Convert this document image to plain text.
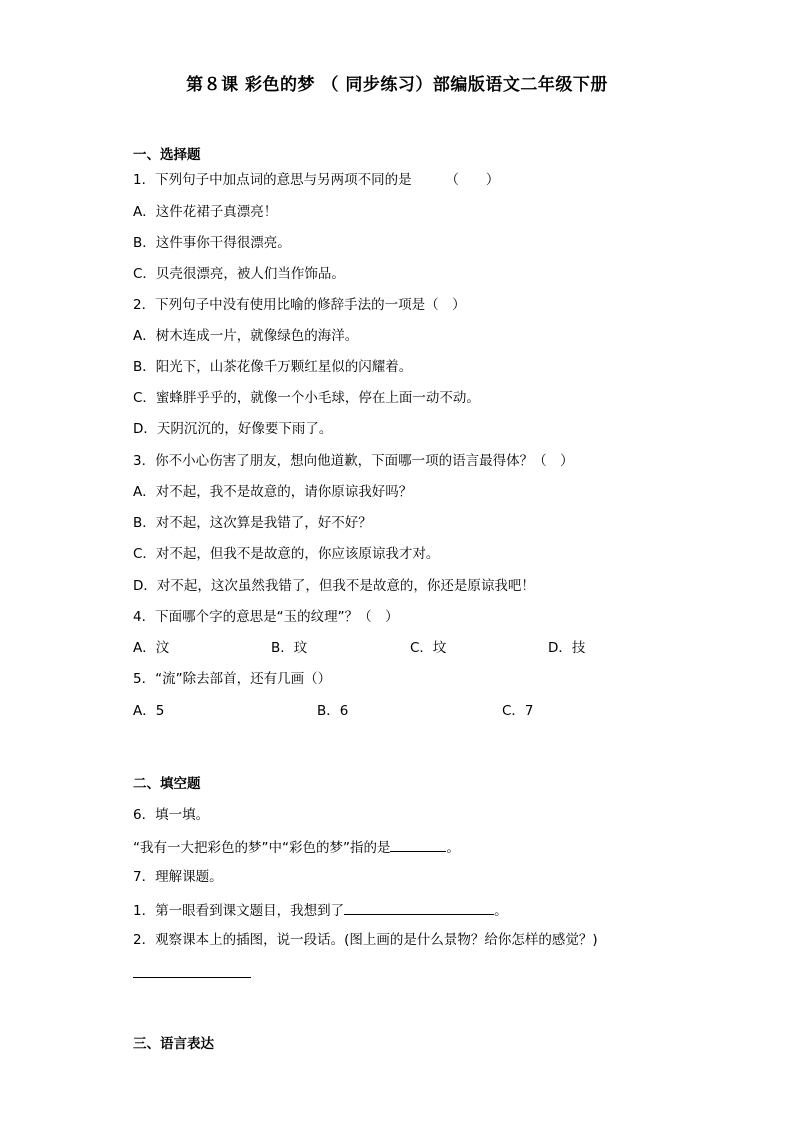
第８课 彩色的梦 （ 同步练习）部编版语文二年级下册
一、选择题
1．下列句子中加点词的意思与另两项不同的是　　　（　　）
A．这件花裙子真漂亮！
B．这件事你干得很漂亮。
C．贝壳很漂亮，被人们当作饰品。
2．下列句子中没有使用比喻的修辞手法的一项是（　）
A．树木连成一片，就像绿色的海洋。
B．阳光下，山茶花像千万颗红星似的闪耀着。
C．蜜蜂胖乎乎的，就像一个小毛球，停在上面一动不动。
D．天阴沉沉的，好像要下雨了。
3．你不小心伤害了朋友，想向他道歉，下面哪一项的语言最得体？（　）
A．对不起，我不是故意的，请你原谅我好吗？
B．对不起，这次算是我错了，好不好？
C．对不起，但我不是故意的，你应该原谅我才对。
D．对不起，这次虽然我错了，但我不是故意的，你还是原谅我吧！
4．下面哪个字的意思是“玉的纹理”？（　）
A．汶	B．玟	C．坟	D．技
5．“流”除去部首，还有几画（）
A．5	B．6	C．7
二、填空题
6．填一填。
“我有一大把彩色的梦”中“彩色的梦”指的是	。
7．理解课题。
1．第一眼看到课文题目，我想到了	。
2．观察课本上的插图，说一段话。(图上画的是什么景物？给你怎样的感觉？)
三、语言表达
